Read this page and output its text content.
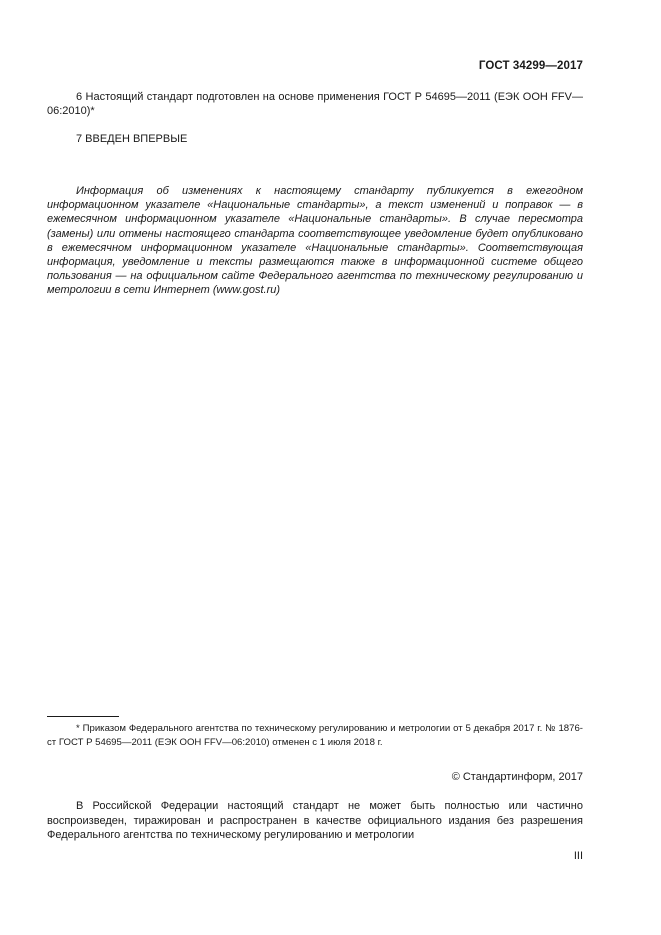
ГОСТ 34299—2017
6 Настоящий стандарт подготовлен на основе применения ГОСТ Р 54695—2011 (ЕЭК ООН FFV—06:2010)*
7 ВВЕДЕН ВПЕРВЫЕ
Информация об изменениях к настоящему стандарту публикуется в ежегодном информационном указателе «Национальные стандарты», а текст изменений и поправок — в ежемесячном информационном указателе «Национальные стандарты». В случае пересмотра (замены) или отмены настоящего стандарта соответствующее уведомление будет опубликовано в ежемесячном информационном указателе «Национальные стандарты». Соответствующая информация, уведомление и тексты размещаются также в информационной системе общего пользования — на официальном сайте Федерального агентства по техническому регулированию и метрологии в сети Интернет (www.gost.ru)
* Приказом Федерального агентства по техническому регулированию и метрологии от 5 декабря 2017 г. № 1876-ст ГОСТ Р 54695—2011 (ЕЭК ООН FFV—06:2010) отменен с 1 июля 2018 г.
© Стандартинформ, 2017
В Российской Федерации настоящий стандарт не может быть полностью или частично воспроизведен, тиражирован и распространен в качестве официального издания без разрешения Федерального агентства по техническому регулированию и метрологии
III
